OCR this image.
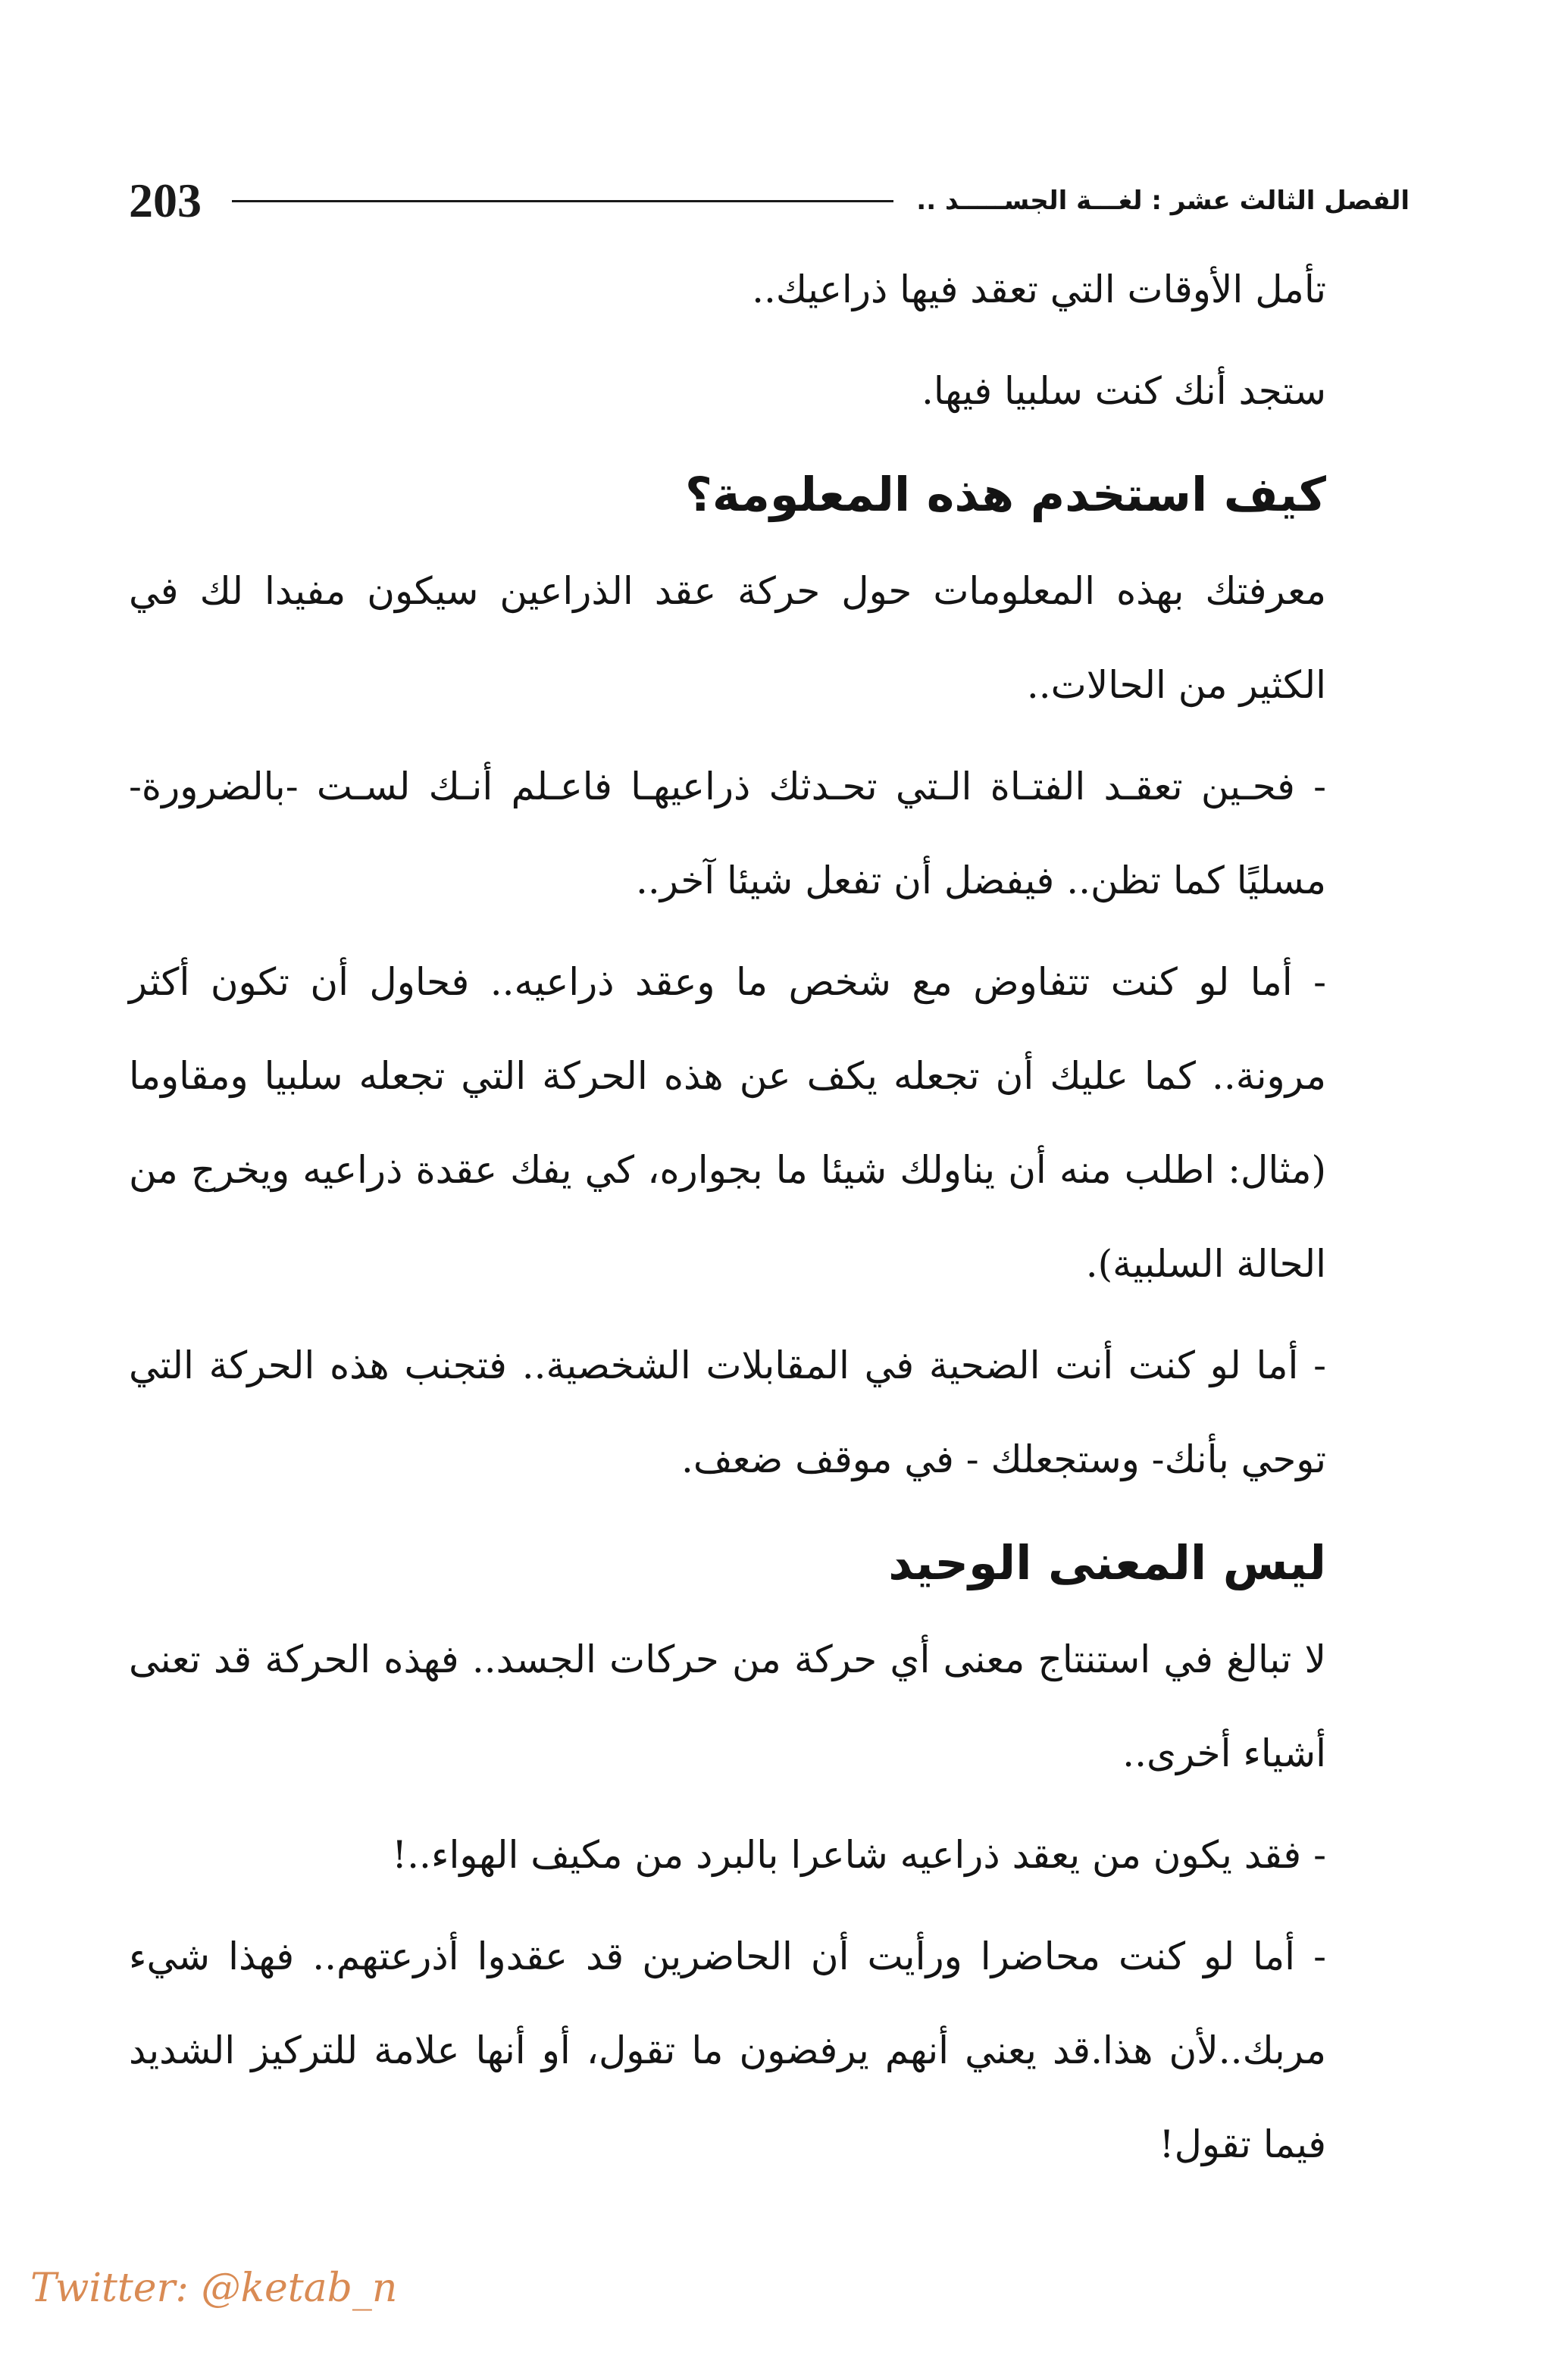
203	الفصل الثالث عشر : لغـــة الجســـــد ..

تأمل الأوقات التي تعقد فيها ذراعيك..

ستجد أنك كنت سلبيا فيها.

كيف استخدم هذه المعلومة؟

معرفتك بهذه المعلومات حول حركة عقد الذراعين سيكون مفيدا لك في الكثير من الحالات..

- فحـين تعقـد الفتـاة الـتي تحـدثك ذراعيهـا فاعـلم أنـك لسـت -بالضرورة- مسليًا كما تظن.. فيفضل أن تفعل شيئا آخر..

- أما لو كنت تتفاوض مع شخص ما وعقد ذراعيه.. فحاول أن تكون أكثر مرونة.. كما عليك أن تجعله يكف عن هذه الحركة التي تجعله سلبيا ومقاوما (مثال: اطلب منه أن يناولك شيئا ما بجواره، كي يفك عقدة ذراعيه ويخرج من الحالة السلبية).

- أما لو كنت أنت الضحية في المقابلات الشخصية.. فتجنب هذه الحركة التي توحي بأنك- وستجعلك - في موقف ضعف.

ليس المعنى الوحيد

لا تبالغ في استنتاج معنى أي حركة من حركات الجسد.. فهذه الحركة قد تعنى أشياء أخرى..

- فقد يكون من يعقد ذراعيه شاعرا بالبرد من مكيف الهواء..!

- أما لو كنت محاضرا ورأيت أن الحاضرين قد عقدوا أذرعتهم.. فهذا شيء مربك..لأن هذا.قد يعني أنهم يرفضون ما تقول، أو أنها علامة للتركيز الشديد فيما تقول!

Twitter: @ketab_n
